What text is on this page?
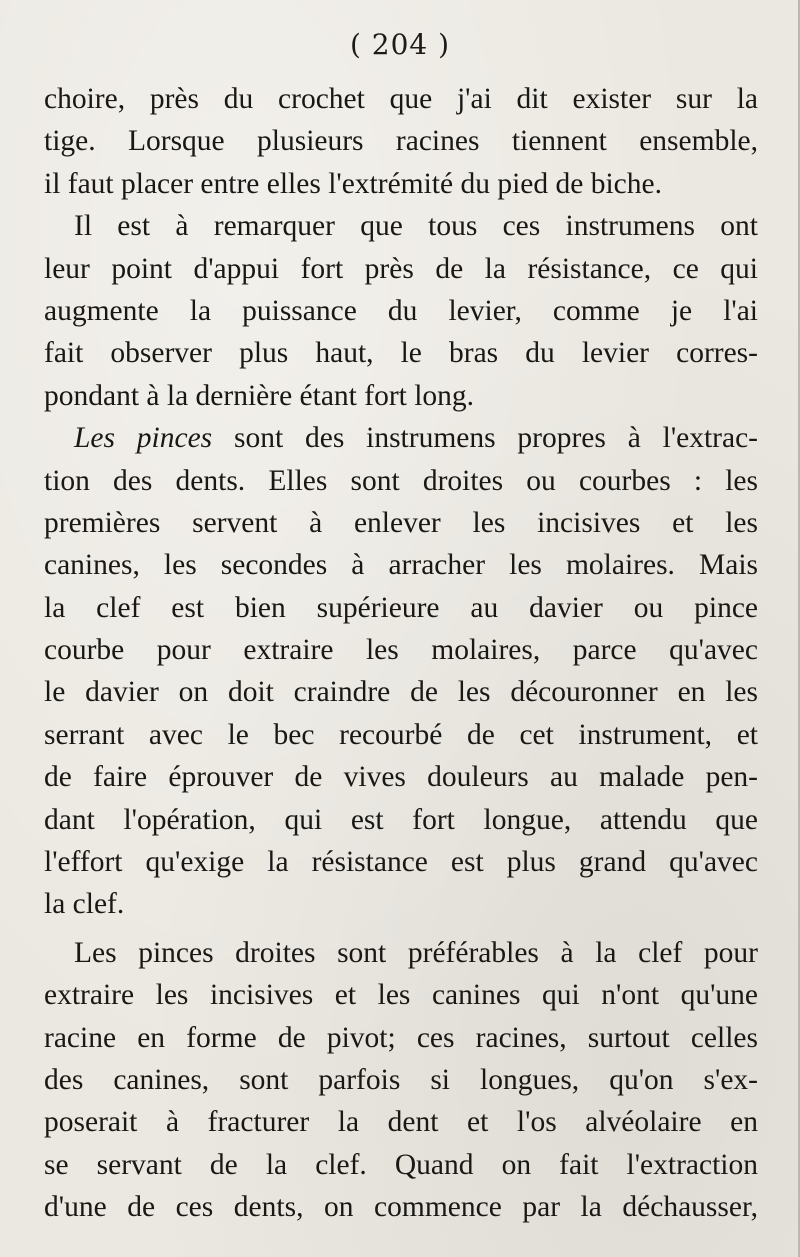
( 204 )
choire, près du crochet que j'ai dit exister sur la
tige. Lorsque plusieurs racines tiennent ensemble,
il faut placer entre elles l'extrémité du pied de biche.
Il est à remarquer que tous ces instrumens ont
leur point d'appui fort près de la résistance, ce qui
augmente la puissance du levier, comme je l'ai
fait observer plus haut, le bras du levier corres-
pondant à la dernière étant fort long.
Les pinces sont des instrumens propres à l'extrac-
tion des dents. Elles sont droites ou courbes : les
premières servent à enlever les incisives et les
canines, les secondes à arracher les molaires. Mais
la clef est bien supérieure au davier ou pince
courbe pour extraire les molaires, parce qu'avec
le davier on doit craindre de les découronner en les
serrant avec le bec recourbé de cet instrument, et
de faire éprouver de vives douleurs au malade pen-
dant l'opération, qui est fort longue, attendu que
l'effort qu'exige la résistance est plus grand qu'avec
la clef.
Les pinces droites sont préférables à la clef pour
extraire les incisives et les canines qui n'ont qu'une
racine en forme de pivot; ces racines, surtout celles
des canines, sont parfois si longues, qu'on s'ex-
poserait à fracturer la dent et l'os alvéolaire en
se servant de la clef. Quand on fait l'extraction
d'une de ces dents, on commence par la déchausser,
